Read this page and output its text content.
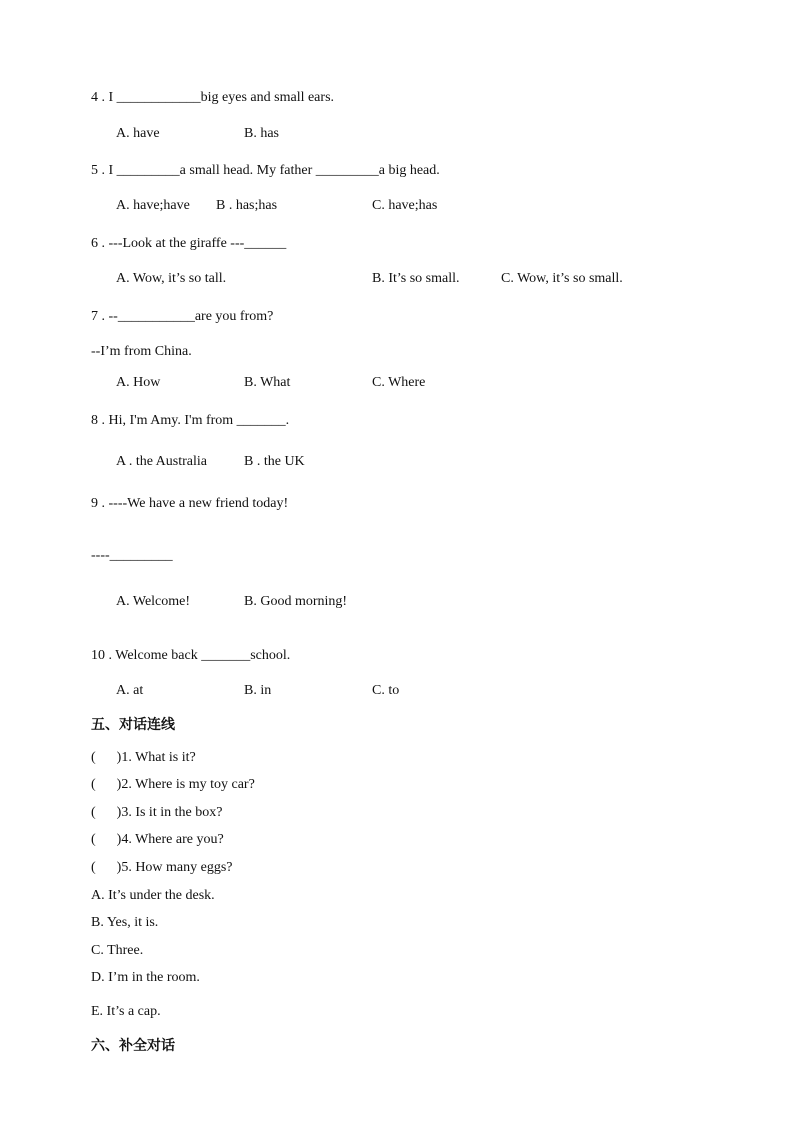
4 . I ____________big eyes and small ears.
A. have	B. has
5 . I _________a small head. My father _________a big head.
A. have;have B . has;has	C. have;has
6 . ---Look at the giraffe ---______
A. Wow, it’s so tall.	B. It’s so small.	C. Wow, it’s so small.
7 . --___________are you from?
--I’m from China.
A. How	B. What	C. Where
8 . Hi, I'm Amy. I'm from _______.
A . the Australia	B . the UK
9 . ----We have a new friend today!
----_________
A. Welcome!	B. Good morning!
10 . Welcome back _______school.
A. at	B. in	C. to
五、对话连线
(      )1. What is it?
(      )2. Where is my toy car?
(      )3. Is it in the box?
(      )4. Where are you?
(      )5. How many eggs?
A. It’s under the desk.
B. Yes, it is.
C. Three.
D. I’m in the room.
E. It’s a cap.
六、补全对话
